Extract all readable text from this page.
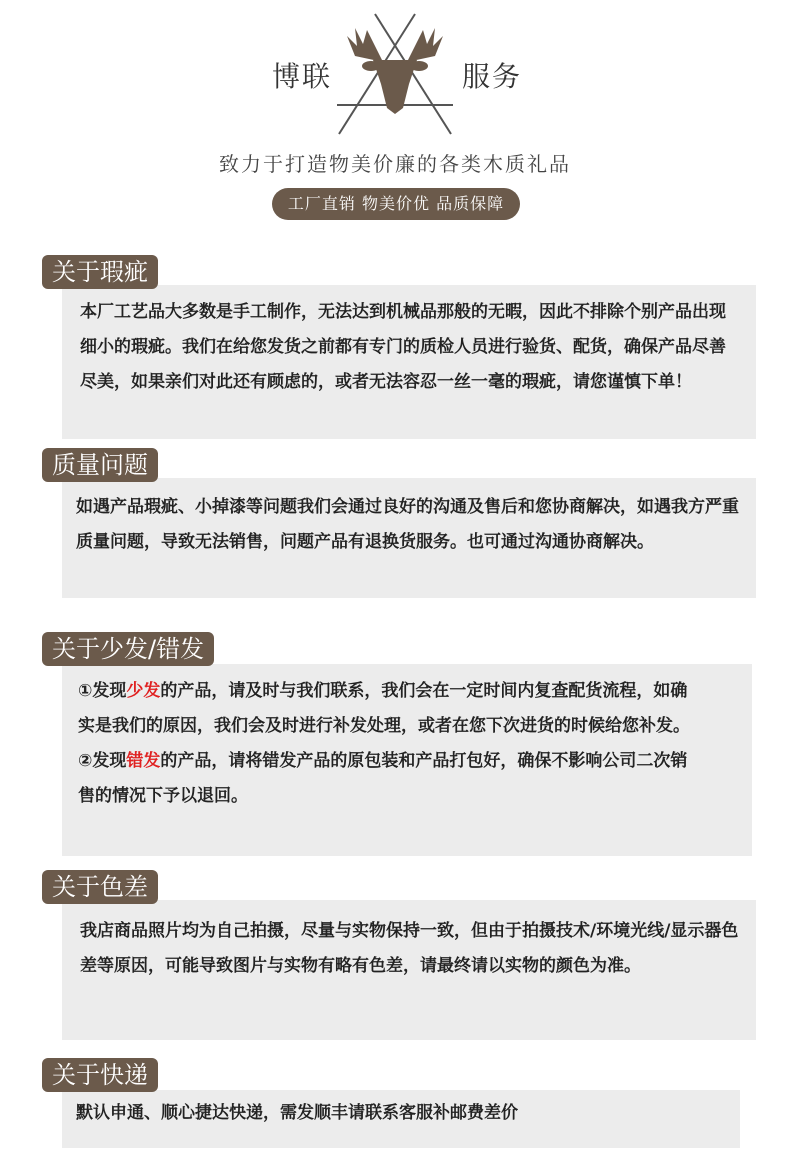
博联	服务
致力于打造物美价廉的各类木质礼品
工厂直销 物美价优 品质保障
关于瑕疵

本厂工艺品大多数是手工制作，无法达到机械品那般的无暇，因此不排除个别产品出现细小的瑕疵。我们在给您发货之前都有专门的质检人员进行验货、配货，确保产品尽善尽美，如果亲们对此还有顾虑的，或者无法容忍一丝一毫的瑕疵，请您谨慎下单！

质量问题

如遇产品瑕疵、小掉漆等问题我们会通过良好的沟通及售后和您协商解决，如遇我方严重质量问题，导致无法销售，问题产品有退换货服务。也可通过沟通协商解决。

关于少发/错发

①发现少发的产品，请及时与我们联系，我们会在一定时间内复查配货流程，如确实是我们的原因，我们会及时进行补发处理，或者在您下次进货的时候给您补发。

②发现错发的产品，请将错发产品的原包装和产品打包好，确保不影响公司二次销售的情况下予以退回。

关于色差

我店商品照片均为自己拍摄，尽量与实物保持一致，但由于拍摄技术/环境光线/显示器色差等原因，可能导致图片与实物有略有色差，请最终请以实物的颜色为准。

关于快递

默认申通、顺心捷达快递，需发顺丰请联系客服补邮费差价
